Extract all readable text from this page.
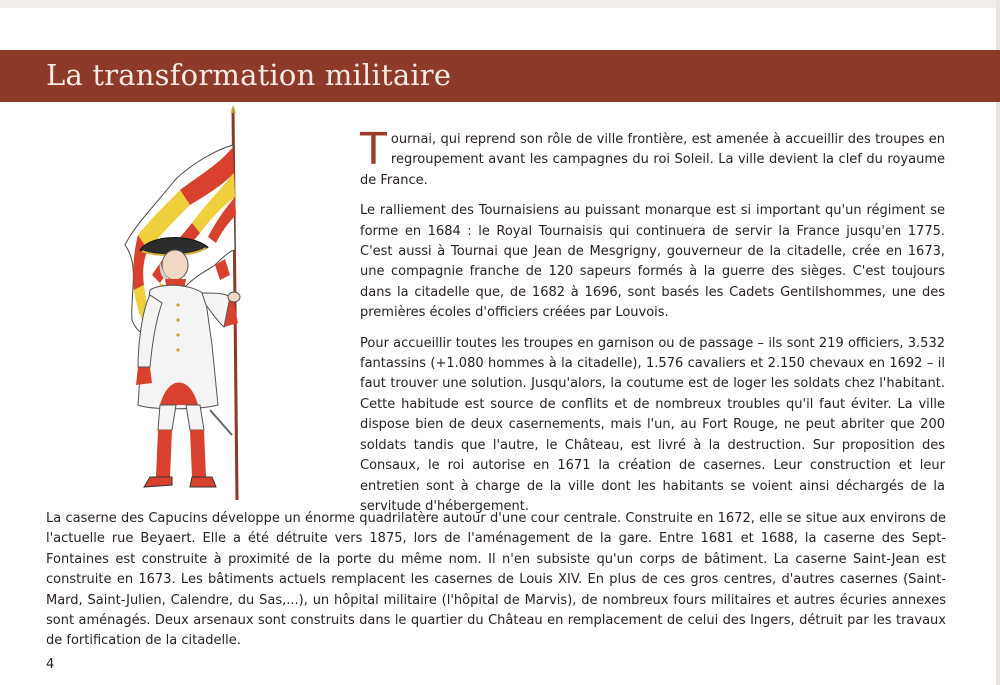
La transformation militaire

Tournai, qui reprend son rôle de ville frontière, est amenée à accueillir des troupes en regroupement avant les campagnes du roi Soleil. La ville devient la clef du royaume de France.

Le ralliement des Tournaisiens au puissant monarque est si important qu'un régiment se forme en 1684 : le Royal Tournaisis qui continuera de servir la France jusqu'en 1775. C'est aussi à Tournai que Jean de Mesgrigny, gouverneur de la citadelle, crée en 1673, une compagnie franche de 120 sapeurs formés à la guerre des sièges. C'est toujours dans la citadelle que, de 1682 à 1696, sont basés les Cadets Gentilshommes, une des premières écoles d'officiers créées par Louvois.

Pour accueillir toutes les troupes en garnison ou de passage – ils sont 219 officiers, 3.532 fantassins (+1.080 hommes à la citadelle), 1.576 cavaliers et 2.150 chevaux en 1692 – il faut trouver une solution. Jusqu'alors, la coutume est de loger les soldats chez l'habitant. Cette habitude est source de conflits et de nombreux troubles qu'il faut éviter. La ville dispose bien de deux casernements, mais l'un, au Fort Rouge, ne peut abriter que 200 soldats tandis que l'autre, le Château, est livré à la destruction. Sur proposition des Consaux, le roi autorise en 1671 la création de casernes. Leur construction et leur entretien sont à charge de la ville dont les habitants se voient ainsi déchargés de la servitude d'hébergement.

La caserne des Capucins développe un énorme quadrilatère autour d'une cour centrale. Construite en 1672, elle se situe aux environs de l'actuelle rue Beyaert. Elle a été détruite vers 1875, lors de l'aménagement de la gare. Entre 1681 et 1688, la caserne des Sept-Fontaines est construite à proximité de la porte du même nom. Il n'en subsiste qu'un corps de bâtiment. La caserne Saint-Jean est construite en 1673. Les bâtiments actuels remplacent les casernes de Louis XIV. En plus de ces gros centres, d'autres casernes (Saint-Mard, Saint-Julien, Calendre, du Sas,...), un hôpital militaire (l'hôpital de Marvis), de nombreux fours militaires et autres écuries annexes sont aménagés. Deux arsenaux sont construits dans le quartier du Château en remplacement de celui des Ingers, détruit par les travaux de fortification de la citadelle.

4
